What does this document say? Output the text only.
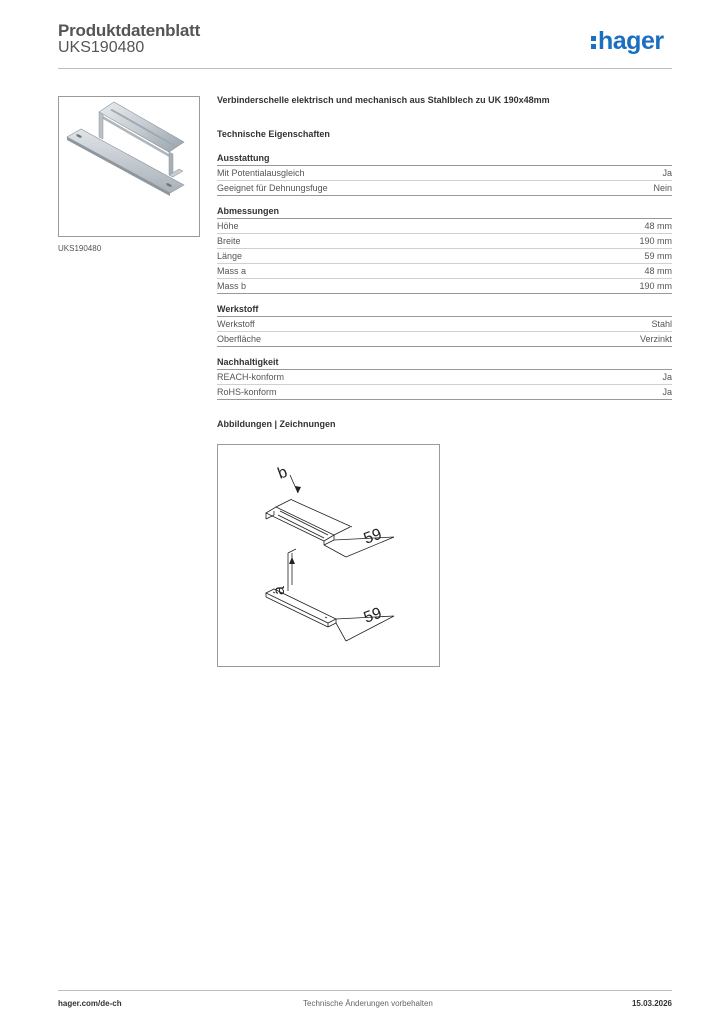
Produktdatenblatt
UKS190480	hager
UKS190480
Verbinderschelle elektrisch und mechanisch aus Stahlblech zu UK 190x48mm
Technische Eigenschaften
Ausstattung
Mit Potentialausgleich	Ja
Geeignet für Dehnungsfuge	Nein
Abmessungen
Höhe	48 mm
Breite	190 mm
Länge	59 mm
Mass a	48 mm
Mass b	190 mm
Werkstoff
Werkstoff	Stahl
Oberfläche	Verzinkt
Nachhaltigkeit
REACH-konform	Ja
RoHS-konform	Ja
Abbildungen | Zeichnungen
b
59
a
59
hager.com/de-ch	Technische Änderungen vorbehalten	15.03.2026
